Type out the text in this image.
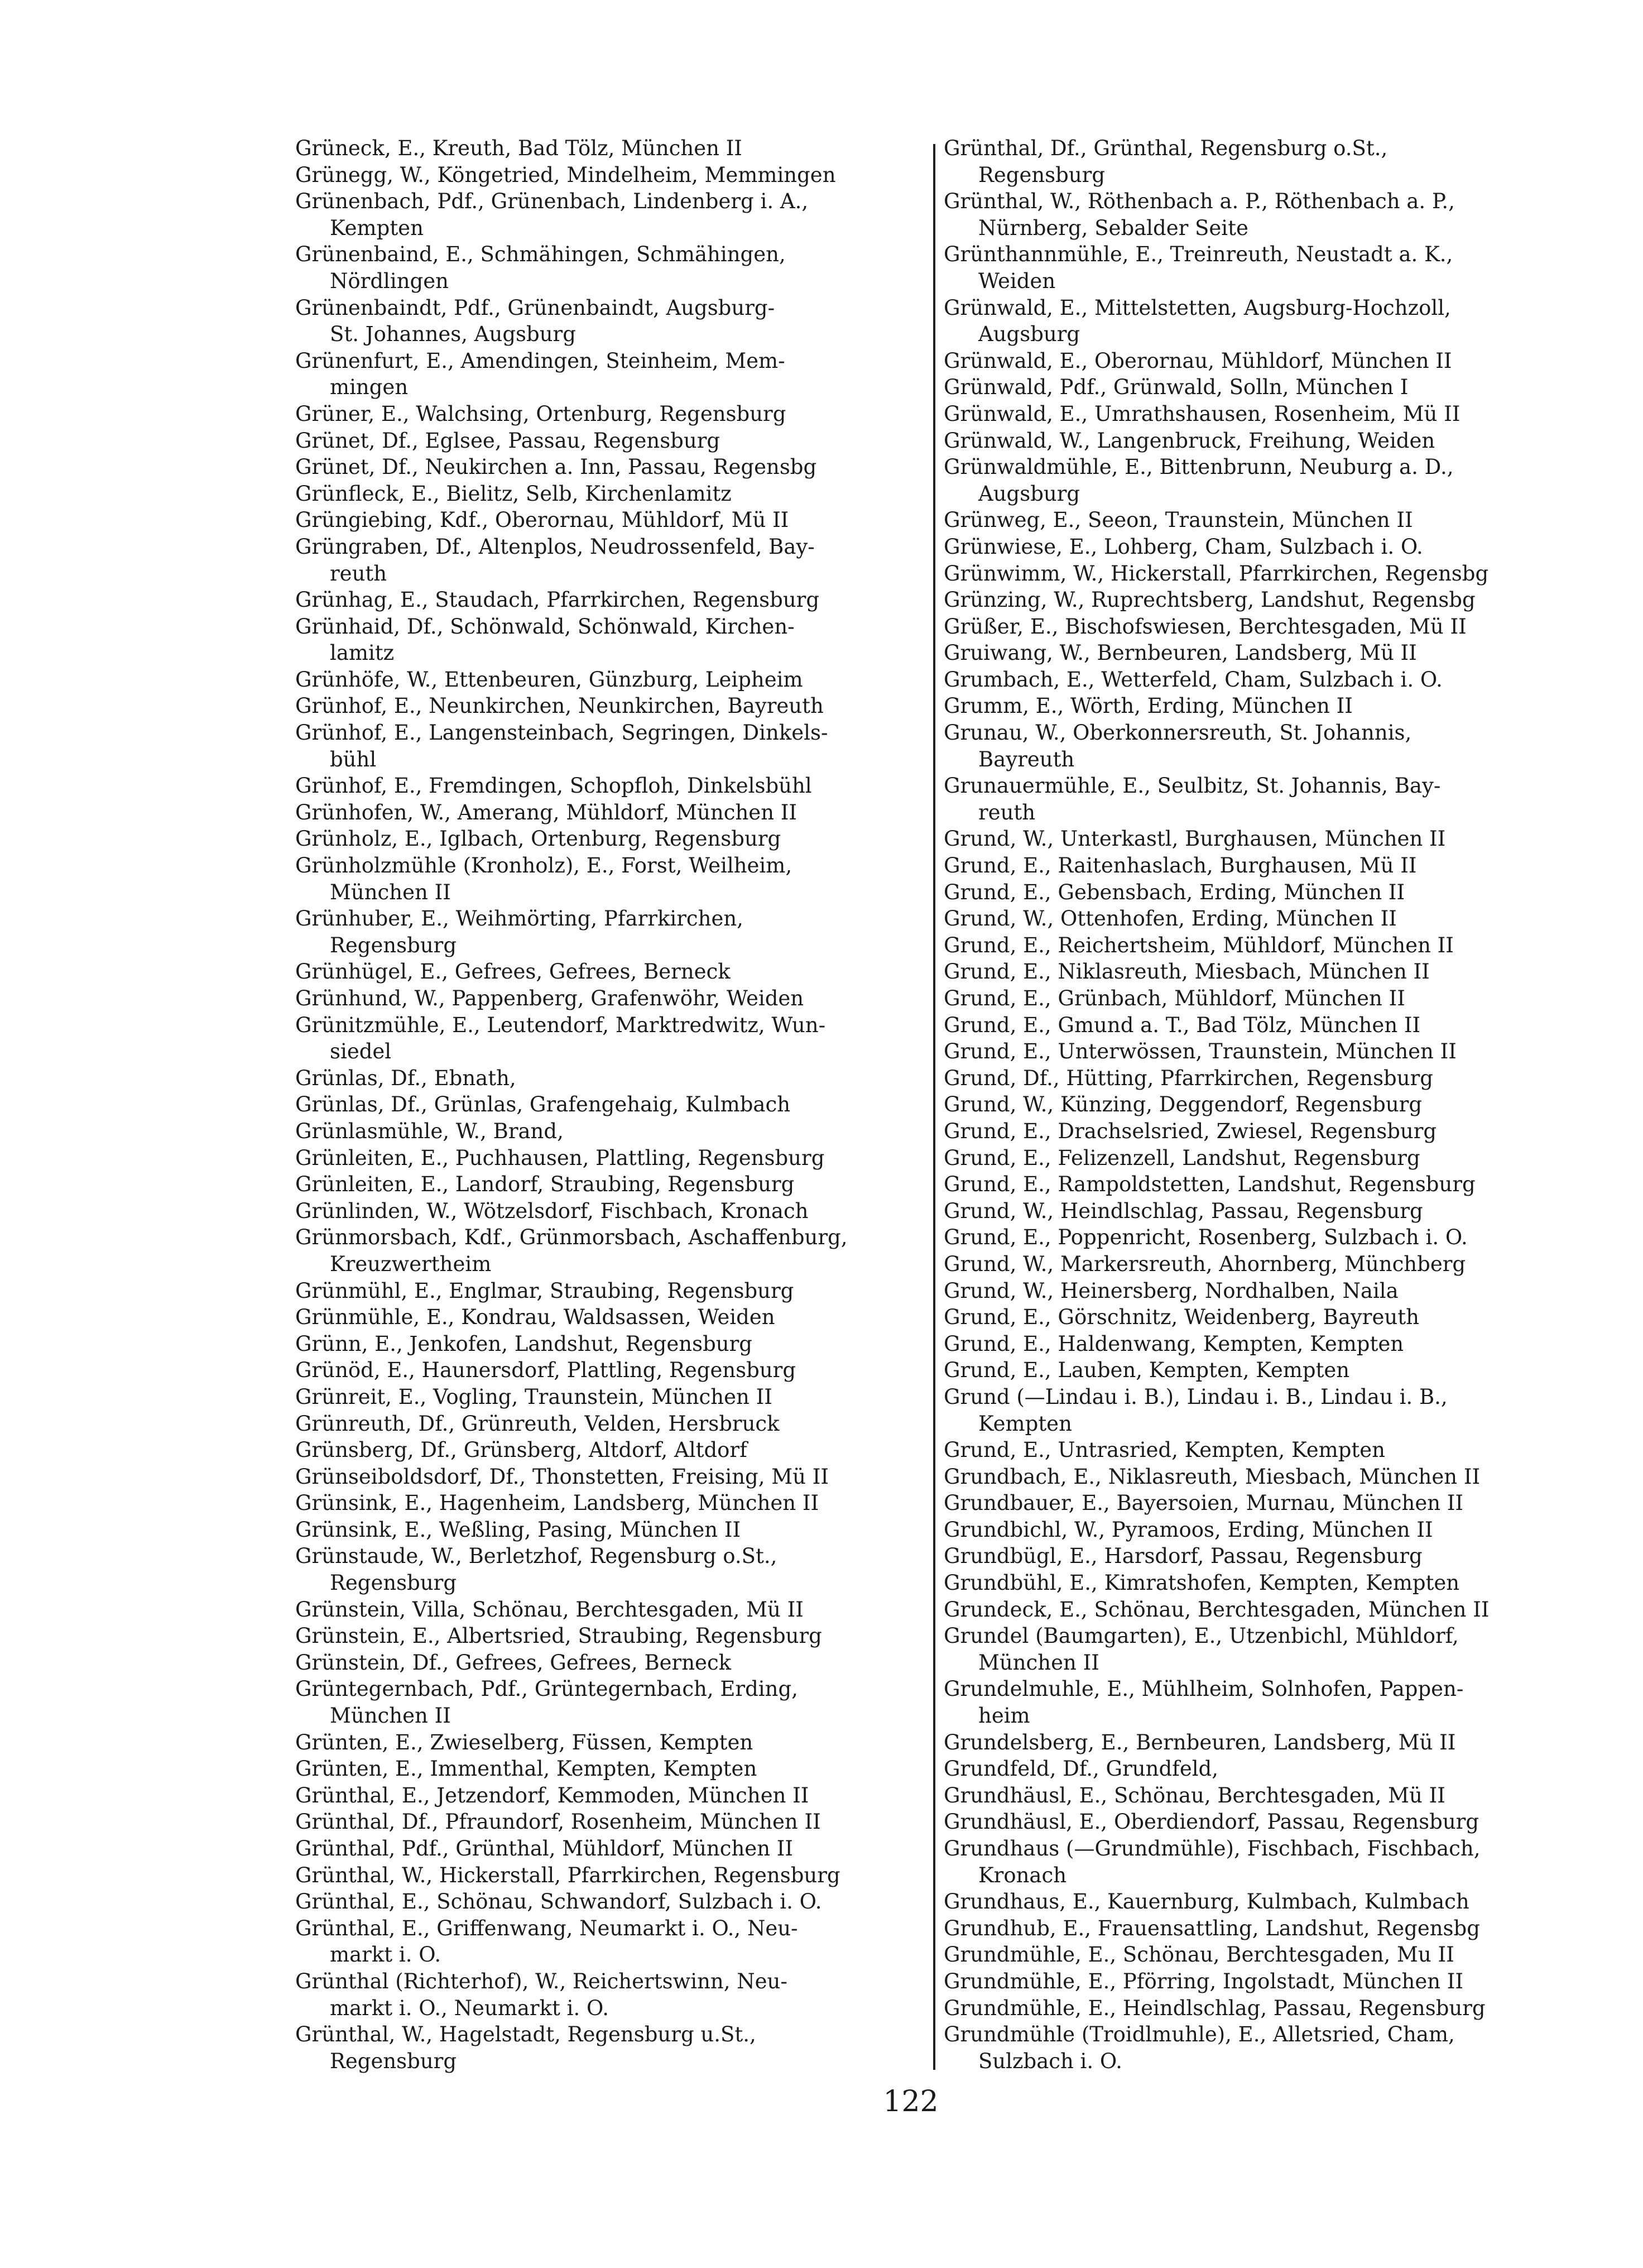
Grüneck, E., Kreuth, Bad Tölz, München II
Grünegg, W., Köngetried, Mindelheim, Memmingen
Grünenbach, Pdf., Grünenbach, Lindenberg i. A.,
Kempten
Grünenbaind, E., Schmähingen, Schmähingen,
Nördlingen
Grünenbaindt, Pdf., Grünenbaindt, Augsburg-
St. Johannes, Augsburg
Grünenfurt, E., Amendingen, Steinheim, Mem-
mingen
Grüner, E., Walchsing, Ortenburg, Regensburg
Grünet, Df., Eglsee, Passau, Regensburg
Grünet, Df., Neukirchen a. Inn, Passau, Regensbg
Grünfleck, E., Bielitz, Selb, Kirchenlamitz
Grüngiebing, Kdf., Oberornau, Mühldorf, Mü II
Grüngraben, Df., Altenplos, Neudrossenfeld, Bay-
reuth
Grünhag, E., Staudach, Pfarrkirchen, Regensburg
Grünhaid, Df., Schönwald, Schönwald, Kirchen-
lamitz
Grünhöfe, W., Ettenbeuren, Günzburg, Leipheim
Grünhof, E., Neunkirchen, Neunkirchen, Bayreuth
Grünhof, E., Langensteinbach, Segringen, Dinkels-
bühl
Grünhof, E., Fremdingen, Schopfloh, Dinkelsbühl
Grünhofen, W., Amerang, Mühldorf, München II
Grünholz, E., Iglbach, Ortenburg, Regensburg
Grünholzmühle (Kronholz), E., Forst, Weilheim,
München II
Grünhuber, E., Weihmörting, Pfarrkirchen,
Regensburg
Grünhügel, E., Gefrees, Gefrees, Berneck
Grünhund, W., Pappenberg, Grafenwöhr, Weiden
Grünitzmühle, E., Leutendorf, Marktredwitz, Wun-
siedel
Grünlas, Df., Ebnath,
Grünlas, Df., Grünlas, Grafengehaig, Kulmbach
Grünlasmühle, W., Brand,
Grünleiten, E., Puchhausen, Plattling, Regensburg
Grünleiten, E., Landorf, Straubing, Regensburg
Grünlinden, W., Wötzelsdorf, Fischbach, Kronach
Grünmorsbach, Kdf., Grünmorsbach, Aschaffenburg,
Kreuzwertheim
Grünmühl, E., Englmar, Straubing, Regensburg
Grünmühle, E., Kondrau, Waldsassen, Weiden
Grünn, E., Jenkofen, Landshut, Regensburg
Grünöd, E., Haunersdorf, Plattling, Regensburg
Grünreit, E., Vogling, Traunstein, München II
Grünreuth, Df., Grünreuth, Velden, Hersbruck
Grünsberg, Df., Grünsberg, Altdorf, Altdorf
Grünseiboldsdorf, Df., Thonstetten, Freising, Mü II
Grünsink, E., Hagenheim, Landsberg, München II
Grünsink, E., Weßling, Pasing, München II
Grünstaude, W., Berletzhof, Regensburg o.St.,
Regensburg
Grünstein, Villa, Schönau, Berchtesgaden, Mü II
Grünstein, E., Albertsried, Straubing, Regensburg
Grünstein, Df., Gefrees, Gefrees, Berneck
Grüntegernbach, Pdf., Grüntegernbach, Erding,
München II
Grünten, E., Zwieselberg, Füssen, Kempten
Grünten, E., Immenthal, Kempten, Kempten
Grünthal, E., Jetzendorf, Kemmoden, München II
Grünthal, Df., Pfraundorf, Rosenheim, München II
Grünthal, Pdf., Grünthal, Mühldorf, München II
Grünthal, W., Hickerstall, Pfarrkirchen, Regensburg
Grünthal, E., Schönau, Schwandorf, Sulzbach i. O.
Grünthal, E., Griffenwang, Neumarkt i. O., Neu-
markt i. O.
Grünthal (Richterhof), W., Reichertswinn, Neu-
markt i. O., Neumarkt i. O.
Grünthal, W., Hagelstadt, Regensburg u.St.,
Regensburg
Grünthal, Df., Grünthal, Regensburg o.St.,
Regensburg
Grünthal, W., Röthenbach a. P., Röthenbach a. P.,
Nürnberg, Sebalder Seite
Grünthannmühle, E., Treinreuth, Neustadt a. K.,
Weiden
Grünwald, E., Mittelstetten, Augsburg-Hochzoll,
Augsburg
Grünwald, E., Oberornau, Mühldorf, München II
Grünwald, Pdf., Grünwald, Solln, München I
Grünwald, E., Umrathshausen, Rosenheim, Mü II
Grünwald, W., Langenbruck, Freihung, Weiden
Grünwaldmühle, E., Bittenbrunn, Neuburg a. D.,
Augsburg
Grünweg, E., Seeon, Traunstein, München II
Grünwiese, E., Lohberg, Cham, Sulzbach i. O.
Grünwimm, W., Hickerstall, Pfarrkirchen, Regensbg
Grünzing, W., Ruprechtsberg, Landshut, Regensbg
Grüßer, E., Bischofswiesen, Berchtesgaden, Mü II
Gruiwang, W., Bernbeuren, Landsberg, Mü II
Grumbach, E., Wetterfeld, Cham, Sulzbach i. O.
Grumm, E., Wörth, Erding, München II
Grunau, W., Oberkonnersreuth, St. Johannis,
Bayreuth
Grunauermühle, E., Seulbitz, St. Johannis, Bay-
reuth
Grund, W., Unterkastl, Burghausen, München II
Grund, E., Raitenhaslach, Burghausen, Mü II
Grund, E., Gebensbach, Erding, München II
Grund, W., Ottenhofen, Erding, München II
Grund, E., Reichertsheim, Mühldorf, München II
Grund, E., Niklasreuth, Miesbach, München II
Grund, E., Grünbach, Mühldorf, München II
Grund, E., Gmund a. T., Bad Tölz, München II
Grund, E., Unterwössen, Traunstein, München II
Grund, Df., Hütting, Pfarrkirchen, Regensburg
Grund, W., Künzing, Deggendorf, Regensburg
Grund, E., Drachselsried, Zwiesel, Regensburg
Grund, E., Felizenzell, Landshut, Regensburg
Grund, E., Rampoldstetten, Landshut, Regensburg
Grund, W., Heindlschlag, Passau, Regensburg
Grund, E., Poppenricht, Rosenberg, Sulzbach i. O.
Grund, W., Markersreuth, Ahornberg, Münchberg
Grund, W., Heinersberg, Nordhalben, Naila
Grund, E., Görschnitz, Weidenberg, Bayreuth
Grund, E., Haldenwang, Kempten, Kempten
Grund, E., Lauben, Kempten, Kempten
Grund (—Lindau i. B.), Lindau i. B., Lindau i. B.,
Kempten
Grund, E., Untrasried, Kempten, Kempten
Grundbach, E., Niklasreuth, Miesbach, München II
Grundbauer, E., Bayersoien, Murnau, München II
Grundbichl, W., Pyramoos, Erding, München II
Grundbügl, E., Harsdorf, Passau, Regensburg
Grundbühl, E., Kimratshofen, Kempten, Kempten
Grundeck, E., Schönau, Berchtesgaden, München II
Grundel (Baumgarten), E., Utzenbichl, Mühldorf,
München II
Grundelmuhle, E., Mühlheim, Solnhofen, Pappen-
heim
Grundelsberg, E., Bernbeuren, Landsberg, Mü II
Grundfeld, Df., Grundfeld,
Grundhäusl, E., Schönau, Berchtesgaden, Mü II
Grundhäusl, E., Oberdiendorf, Passau, Regensburg
Grundhaus (—Grundmühle), Fischbach, Fischbach,
Kronach
Grundhaus, E., Kauernburg, Kulmbach, Kulmbach
Grundhub, E., Frauensattling, Landshut, Regensbg
Grundmühle, E., Schönau, Berchtesgaden, Mu II
Grundmühle, E., Pförring, Ingolstadt, München II
Grundmühle, E., Heindlschlag, Passau, Regensburg
Grundmühle (Troidlmuhle), E., Alletsried, Cham,
Sulzbach i. O.
122
